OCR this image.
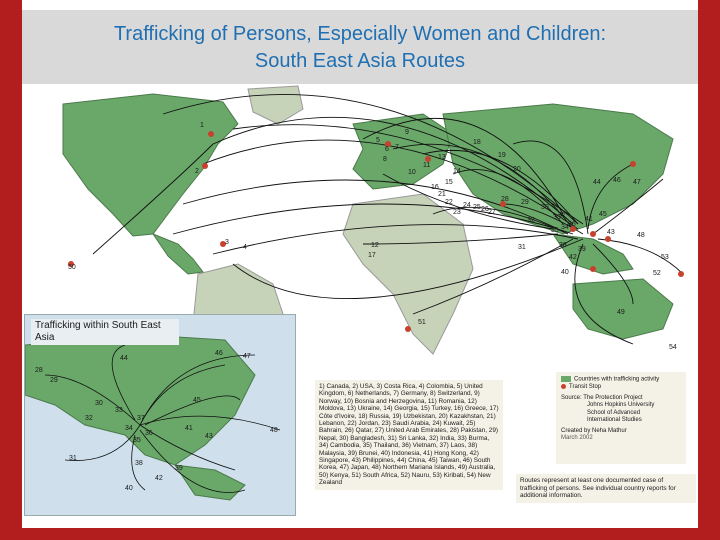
Trafficking of Persons, Especially Women and Children:
South East Asia Routes
1
2
3
4
5
6 7
8
9
10
11
12
13
14
15
16
17
18
19
20
21
22
23
24 25 26 27
28 29
30
31
32	33
34
35
36
37
38
39
40
41
42
43
44
45
46 47
48
49
50
51
52
53
54
Trafficking within South East
Asia
28
29
30
31
32
33
34
35
36
37
38
39
40
41
42
43
44
45
46	47
48
1) Canada, 2) USA, 3) Costa Rica, 4) Colombia, 5) United Kingdom, 6) Netherlands, 7) Germany, 8) Switzerland, 9) Norway, 10) Bosnia and Herzegovina, 11) Romania, 12) Moldova, 13) Ukraine, 14) Georgia, 15) Turkey, 16) Greece, 17) Côte d'Ivoire, 18) Russia, 19) Uzbekistan, 20) Kazakhstan, 21) Lebanon, 22) Jordan, 23) Saudi Arabia, 24) Kuwait, 25) Bahrain, 26) Qatar, 27) United Arab Emirates, 28) Pakistan, 29) Nepal, 30) Bangladesh, 31) Sri Lanka, 32) India, 33) Burma, 34) Cambodia, 35) Thailand, 36) Vietnam, 37) Laos, 38) Malaysia, 39) Brunei, 40) Indonesia, 41) Hong Kong, 42) Singapore, 43) Philippines, 44) China, 45) Taiwan, 46) South Korea, 47) Japan, 48) Northern Mariana Islands, 49) Australia, 50) Kenya, 51) South Africa, 52) Nauru, 53) Kiribati, 54) New Zealand
Countries with trafficking activity
Transit Stop
Source: The Protection Project
Johns Hopkins University
School of Advanced
International Studies
Created by Neha Mathur
March 2002
Routes represent at least one documented case of trafficking of persons. See individual country reports for additional information.
